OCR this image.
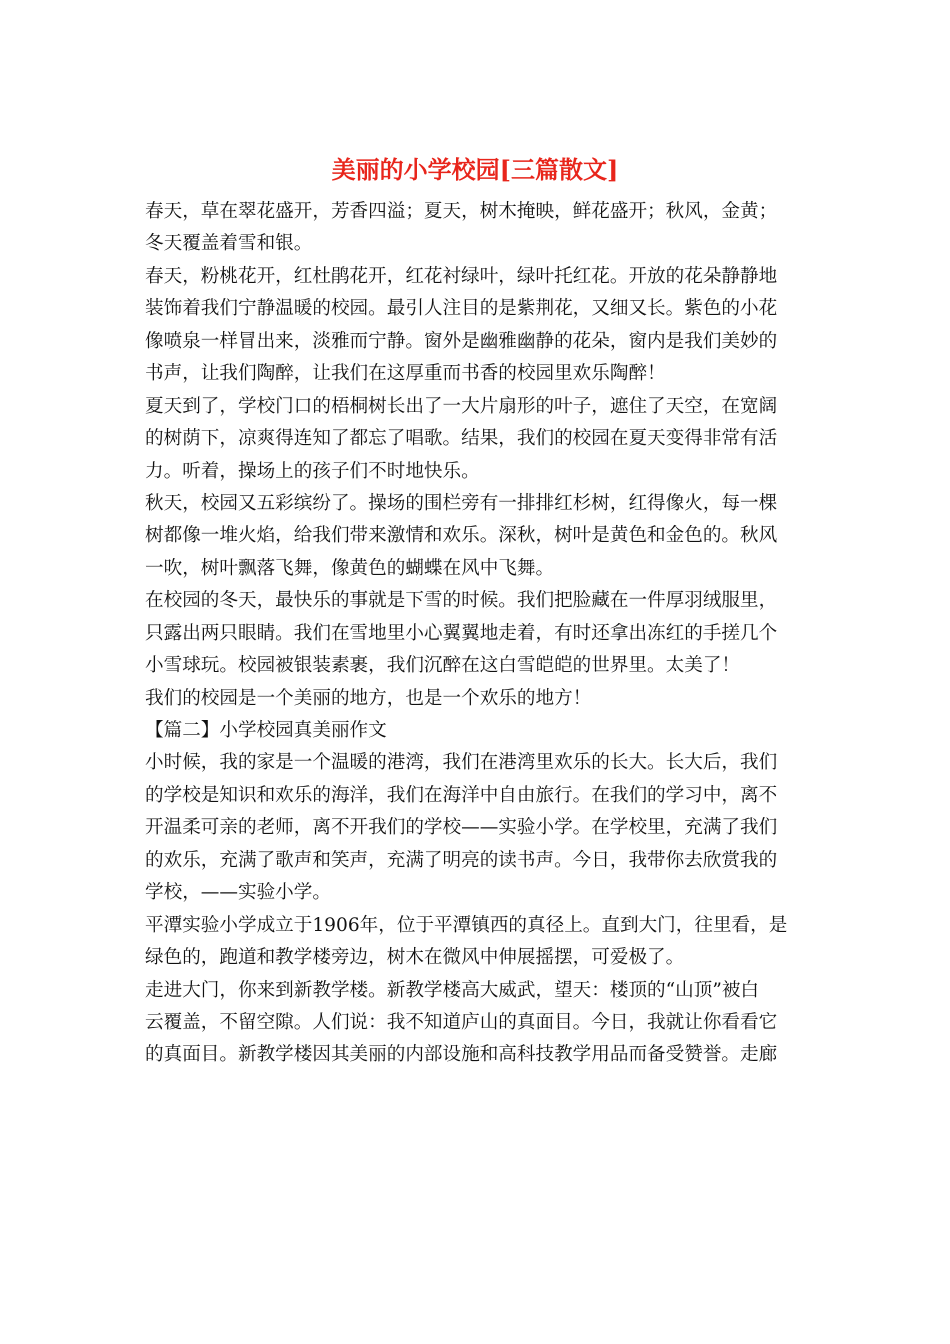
美丽的小学校园[三篇散文]

春天，草在翠花盛开，芳香四溢；夏天，树木掩映，鲜花盛开；秋风，金黄；
冬天覆盖着雪和银。
春天，粉桃花开，红杜鹃花开，红花衬绿叶，绿叶托红花。开放的花朵静静地
装饰着我们宁静温暖的校园。最引人注目的是紫荆花，又细又长。紫色的小花
像喷泉一样冒出来，淡雅而宁静。窗外是幽雅幽静的花朵，窗内是我们美妙的
书声，让我们陶醉，让我们在这厚重而书香的校园里欢乐陶醉！
夏天到了，学校门口的梧桐树长出了一大片扇形的叶子，遮住了天空，在宽阔
的树荫下，凉爽得连知了都忘了唱歌。结果，我们的校园在夏天变得非常有活
力。听着，操场上的孩子们不时地快乐。
秋天，校园又五彩缤纷了。操场的围栏旁有一排排红杉树，红得像火，每一棵
树都像一堆火焰，给我们带来激情和欢乐。深秋，树叶是黄色和金色的。秋风
一吹，树叶飘落飞舞，像黄色的蝴蝶在风中飞舞。
在校园的冬天，最快乐的事就是下雪的时候。我们把脸藏在一件厚羽绒服里，
只露出两只眼睛。我们在雪地里小心翼翼地走着，有时还拿出冻红的手搓几个
小雪球玩。校园被银装素裹，我们沉醉在这白雪皑皑的世界里。太美了！
我们的校园是一个美丽的地方，也是一个欢乐的地方！
【篇二】小学校园真美丽作文
小时候，我的家是一个温暖的港湾，我们在港湾里欢乐的长大。长大后，我们
的学校是知识和欢乐的海洋，我们在海洋中自由旅行。在我们的学习中，离不
开温柔可亲的老师，离不开我们的学校——实验小学。在学校里，充满了我们
的欢乐，充满了歌声和笑声，充满了明亮的读书声。今日，我带你去欣赏我的
学校，——实验小学。
平潭实验小学成立于1906年，位于平潭镇西的真径上。直到大门，往里看，是
绿色的，跑道和教学楼旁边，树木在微风中伸展摇摆，可爱极了。
走进大门，你来到新教学楼。新教学楼高大威武，望天：楼顶的“山顶”被白
云覆盖，不留空隙。人们说：我不知道庐山的真面目。今日，我就让你看看它
的真面目。新教学楼因其美丽的内部设施和高科技教学用品而备受赞誉。走廊
